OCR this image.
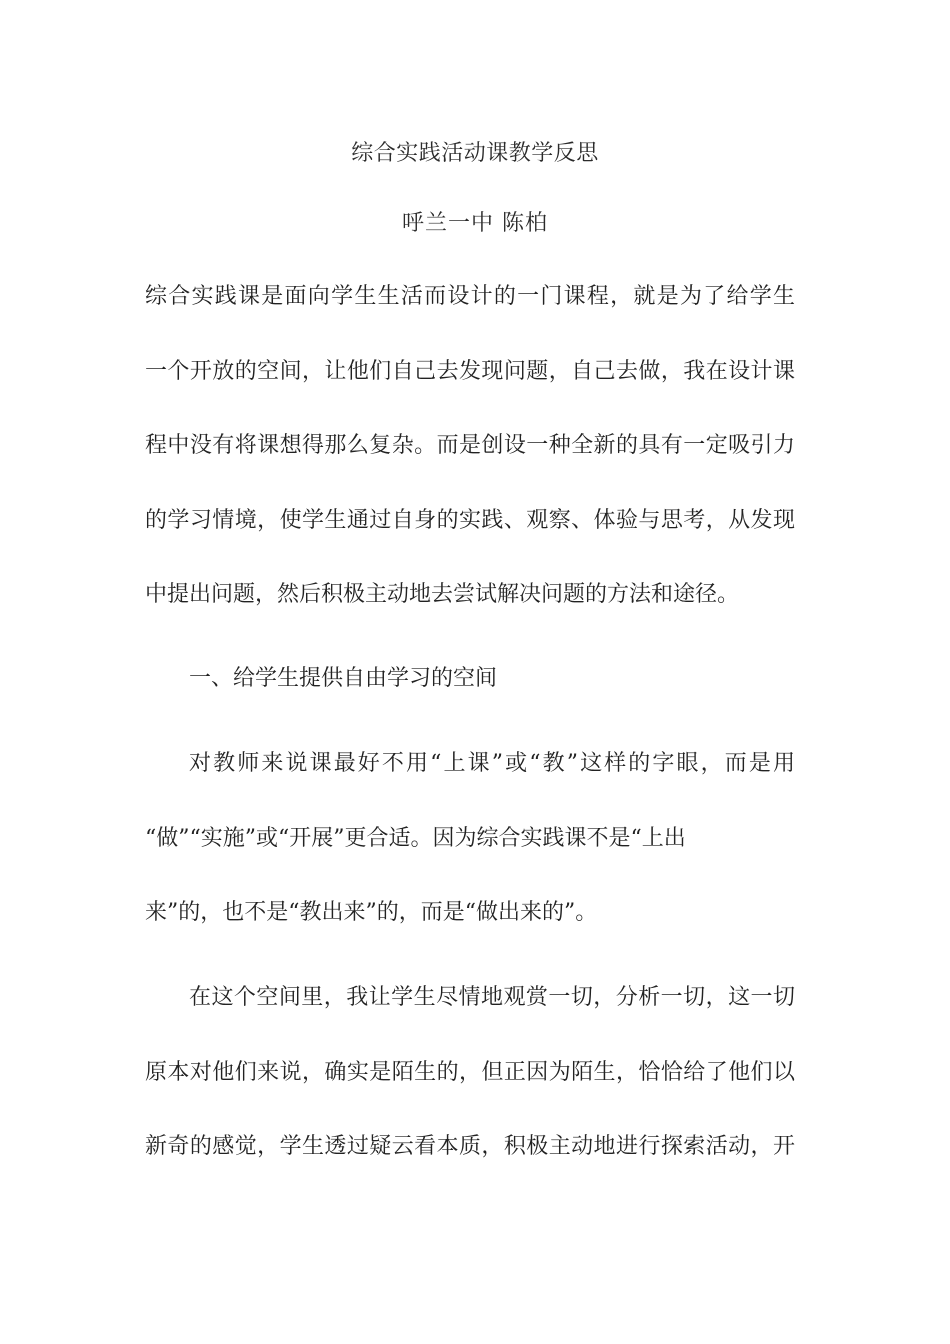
综合实践活动课教学反思
呼兰一中 陈柏
综合实践课是面向学生生活而设计的一门课程，就是为了给学生
一个开放的空间，让他们自己去发现问题，自己去做，我在设计课
程中没有将课想得那么复杂。而是创设一种全新的具有一定吸引力
的学习情境，使学生通过自身的实践、观察、体验与思考，从发现
中提出问题，然后积极主动地去尝试解决问题的方法和途径。
一、给学生提供自由学习的空间
对教师来说课最好不用“上课”或“教”这样的字眼，而是用
“做”“实施”或“开展”更合适。因为综合实践课不是“上出
来”的，也不是“教出来”的，而是“做出来的”。
在这个空间里，我让学生尽情地观赏一切，分析一切，这一切
原本对他们来说，确实是陌生的，但正因为陌生，恰恰给了他们以
新奇的感觉，学生透过疑云看本质，积极主动地进行探索活动，开
